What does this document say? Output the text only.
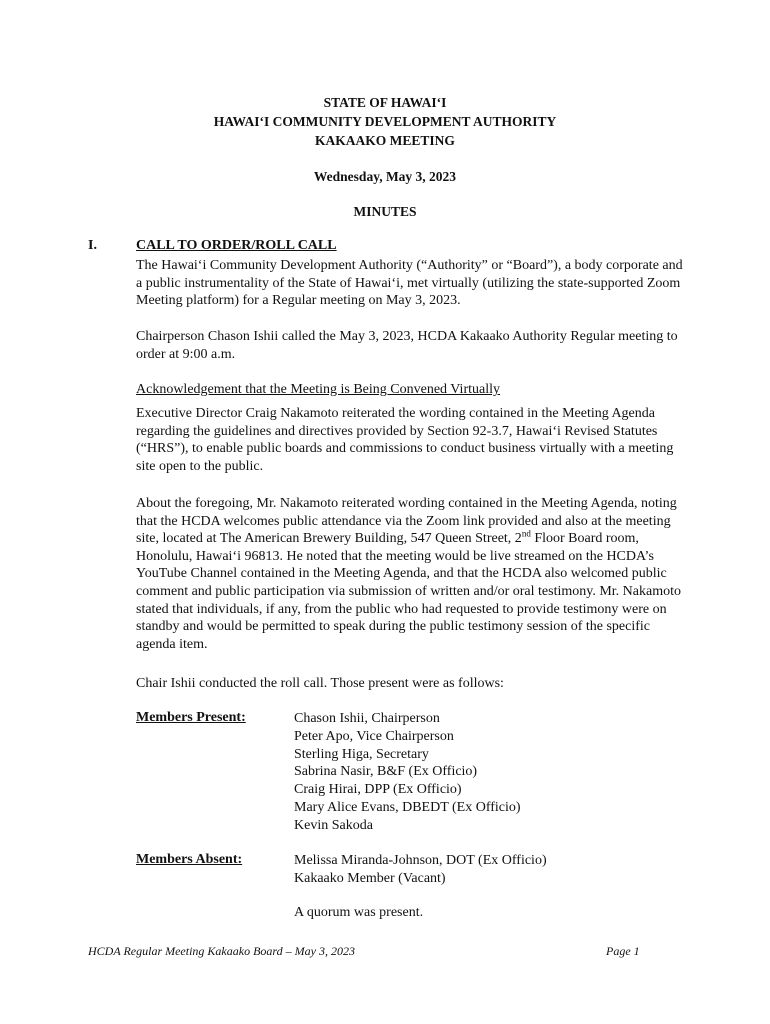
STATE OF HAWAI‘I
HAWAI‘I COMMUNITY DEVELOPMENT AUTHORITY
KAKAAKO MEETING
Wednesday, May 3, 2023
MINUTES
I.	CALL TO ORDER/ROLL CALL

The Hawai‘i Community Development Authority (“Authority” or “Board”), a body corporate and a public instrumentality of the State of Hawai‘i, met virtually (utilizing the state-supported Zoom Meeting platform) for a Regular meeting on May 3, 2023.

Chairperson Chason Ishii called the May 3, 2023, HCDA Kakaako Authority Regular meeting to order at 9:00 a.m.

Acknowledgement that the Meeting is Being Convened Virtually

Executive Director Craig Nakamoto reiterated the wording contained in the Meeting Agenda regarding the guidelines and directives provided by Section 92-3.7, Hawai‘i Revised Statutes (“HRS”), to enable public boards and commissions to conduct business virtually with a meeting site open to the public.

About the foregoing, Mr. Nakamoto reiterated wording contained in the Meeting Agenda, noting that the HCDA welcomes public attendance via the Zoom link provided and also at the meeting site, located at The American Brewery Building, 547 Queen Street, 2nd Floor Board room, Honolulu, Hawai‘i 96813. He noted that the meeting would be live streamed on the HCDA’s YouTube Channel contained in the Meeting Agenda, and that the HCDA also welcomed public comment and public participation via submission of written and/or oral testimony. Mr. Nakamoto stated that individuals, if any, from the public who had requested to provide testimony were on standby and would be permitted to speak during the public testimony session of the specific agenda item.

Chair Ishii conducted the roll call. Those present were as follows:

Members Present:	Chason Ishii, Chairperson
Peter Apo, Vice Chairperson
Sterling Higa, Secretary
Sabrina Nasir, B&F (Ex Officio)
Craig Hirai, DPP (Ex Officio)
Mary Alice Evans, DBEDT (Ex Officio)
Kevin Sakoda
Members Absent:	Melissa Miranda-Johnson, DOT (Ex Officio)
Kakaako Member (Vacant)
A quorum was present.
HCDA Regular Meeting Kakaako Board – May 3, 2023	Page 1
